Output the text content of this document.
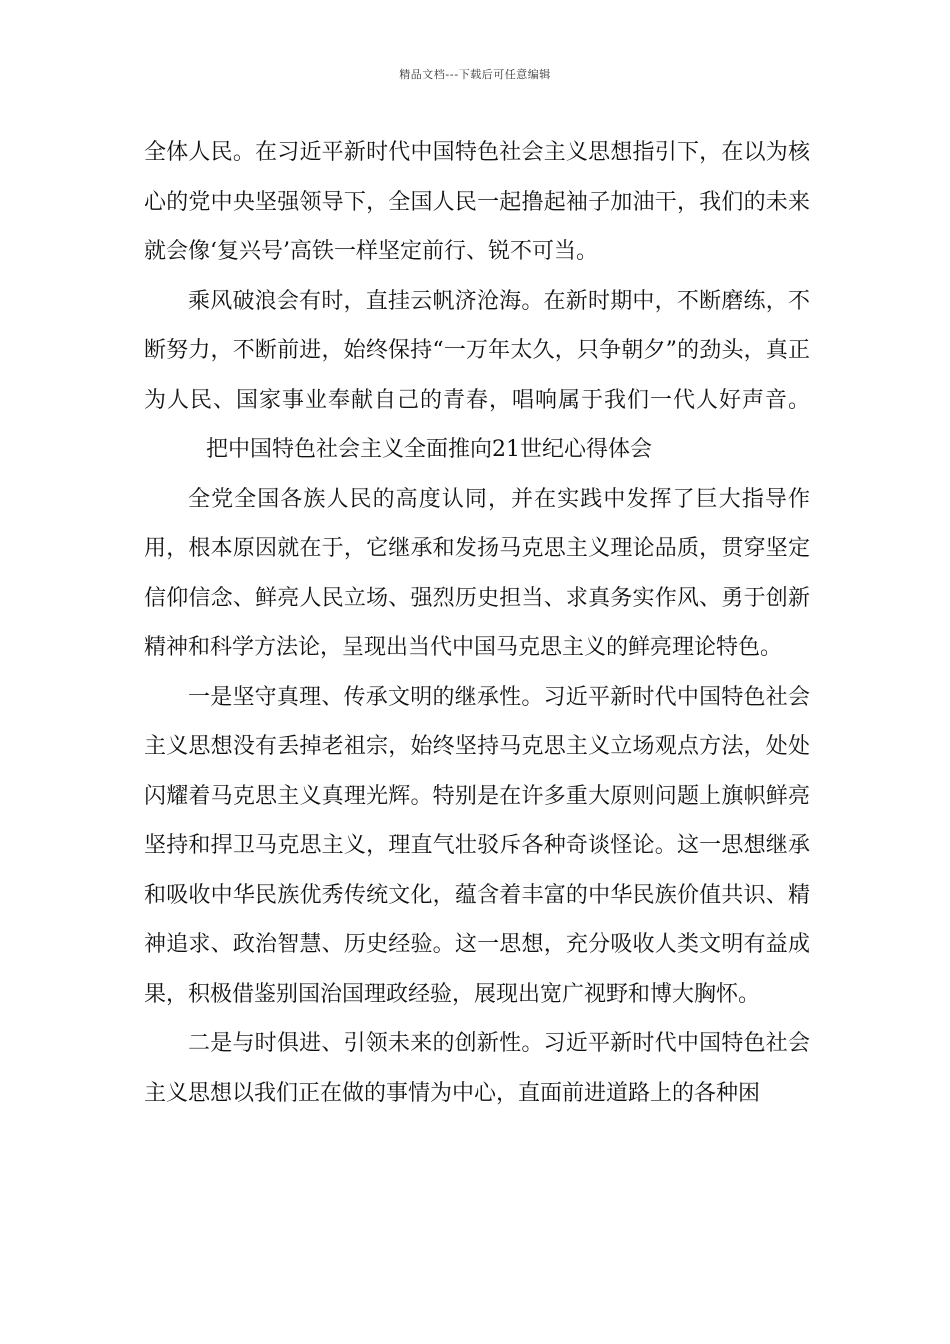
精品文档---下载后可任意编辑

全体人民。在习近平新时代中国特色社会主义思想指引下，在以为核心的党中央坚强领导下，全国人民一起撸起袖子加油干，我们的未来就会像‘复兴号’高铁一样坚定前行、锐不可当。

乘风破浪会有时，直挂云帆济沧海。在新时期中，不断磨练，不断努力，不断前进，始终保持“一万年太久，只争朝夕”的劲头，真正为人民、国家事业奉献自己的青春，唱响属于我们一代人好声音。把中国特色社会主义全面推向21世纪心得体会

全党全国各族人民的高度认同，并在实践中发挥了巨大指导作用，根本原因就在于，它继承和发扬马克思主义理论品质，贯穿坚定信仰信念、鲜亮人民立场、强烈历史担当、求真务实作风、勇于创新精神和科学方法论，呈现出当代中国马克思主义的鲜亮理论特色。

一是坚守真理、传承文明的继承性。习近平新时代中国特色社会主义思想没有丢掉老祖宗，始终坚持马克思主义立场观点方法，处处闪耀着马克思主义真理光辉。特别是在许多重大原则问题上旗帜鲜亮坚持和捍卫马克思主义，理直气壮驳斥各种奇谈怪论。这一思想继承和吸收中华民族优秀传统文化，蕴含着丰富的中华民族价值共识、精神追求、政治智慧、历史经验。这一思想，充分吸收人类文明有益成果，积极借鉴别国治国理政经验，展现出宽广视野和博大胸怀。

二是与时俱进、引领未来的创新性。习近平新时代中国特色社会主义思想以我们正在做的事情为中心，直面前进道路上的各种困
